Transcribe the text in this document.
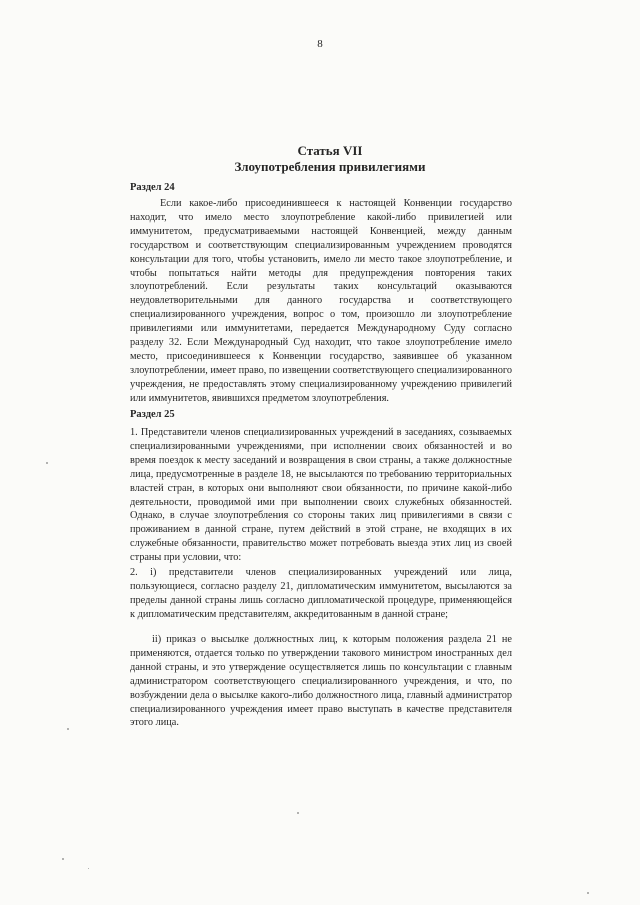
8
Статья VII
Злоупотребления привилегиями
Раздел 24

Если какое-либо присоединившееся к настоящей Конвенции государство находит, что имело место злоупотребление какой-либо привилегией или иммунитетом, предусматриваемыми настоящей Конвенцией, между данным государством и соответствующим специализированным учреждением проводятся консультации для того, чтобы установить, имело ли место такое злоупотребление, и чтобы попытаться найти методы для предупреждения повторения таких злоупотреблений. Если результаты таких консультаций оказываются неудовлетворительными для данного государства и соответствующего специализированного учреждения, вопрос о том, произошло ли злоупотребление привилегиями или иммунитетами, передается Международному Суду согласно разделу 32. Если Международный Суд находит, что такое злоупотребление имело место, присоединившееся к Конвенции государство, заявившее об указанном злоупотреблении, имеет право, по извещении соответствующего специализированного учреждения, не предоставлять этому специализированному учреждению привилегий или иммунитетов, явившихся предметом злоупотребления.

Раздел 25

1. Представители членов специализированных учреждений в заседаниях, созываемых специализированными учреждениями, при исполнении своих обязанностей и во время поездок к месту заседаний и возвращения в свои страны, а также должностные лица, предусмотренные в разделе 18, не высылаются по требованию территориальных властей стран, в которых они выполняют свои обязанности, по причине какой-либо деятельности, проводимой ими при выполнении своих служебных обязанностей. Однако, в случае злоупотребления со стороны таких лиц привилегиями в связи с проживанием в данной стране, путем действий в этой стране, не входящих в их служебные обязанности, правительство может потребовать выезда этих лиц из своей страны при условии, что:

2. i) представители членов специализированных учреждений или лица, пользующиеся, согласно разделу 21, дипломатическим иммунитетом, высылаются за пределы данной страны лишь согласно дипломатической процедуре, применяющейся к дипломатическим представителям, аккредитованным в данной стране;

ii) приказ о высылке должностных лиц, к которым положения раздела 21 не применяются, отдается только по утверждении такового министром иностранных дел данной страны, и это утверждение осуществляется лишь по консультации с главным администратором соответствующего специализированного учреждения, и что, по возбуждении дела о высылке какого-либо должностного лица, главный администратор специализированного учреждения имеет право выступать в качестве представителя этого лица.
